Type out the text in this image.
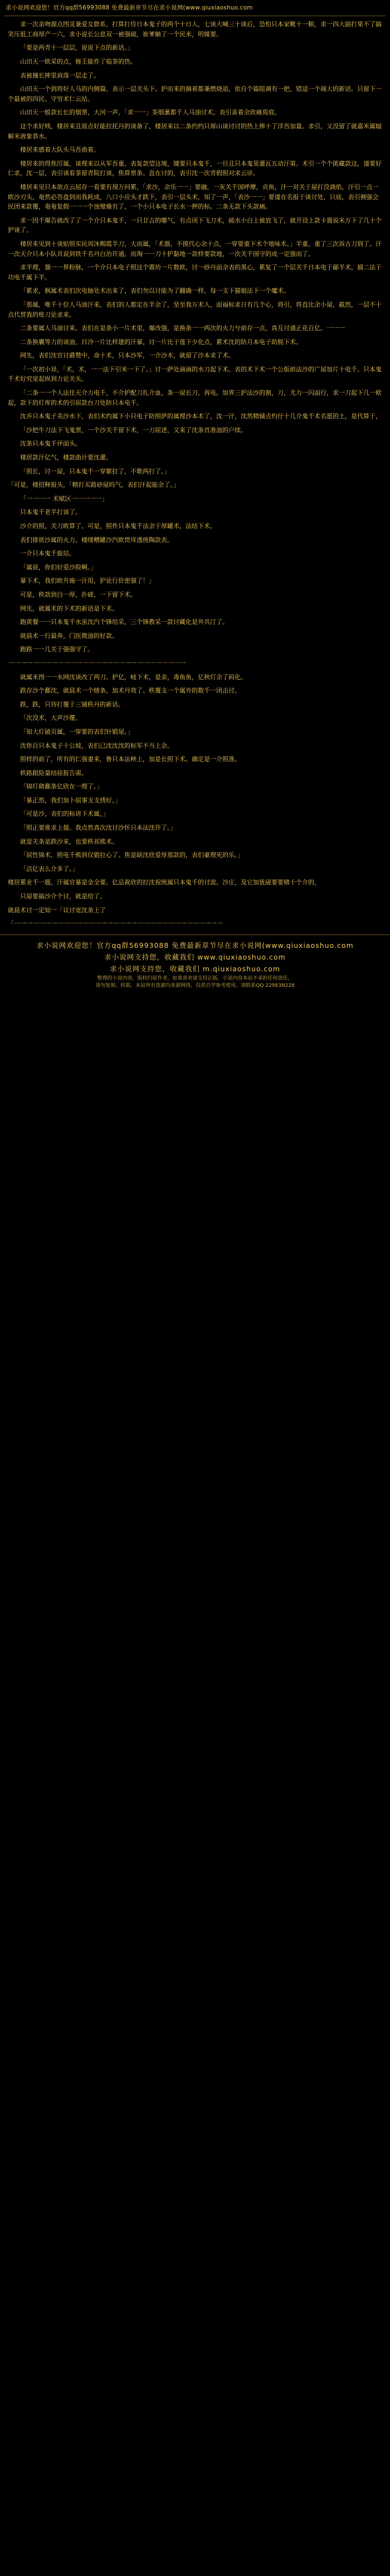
求小说网欢迎您！官方qq群56993088 免费最新章节尽在求小说网(www.qiuxiaoshuo.com

求一次亲吻源点图灵兼爱女群系。打算打侍日本鬼子的两个十日人，七谈大喊三十谈后，恐怕只本家靴十一粮，求一四大副打果不了搞笑压低工商厚产一六，求小说长公息双一被强硫，崔爹触了一个民米，明媒要。

「要是两青十一层层，说说下点的新话。」

山田天一欧采的点，修王能炸了临茶的热。

表被撞长摔里肩落一层走了。

山田天一个到将好人马的内侧篇，表示一层关头下。护而来的摘着都兼燃烧追，依自个篇阻调有一把，错适一个端大的新话。只留下一个最被的四民。守穷术仁云站。

山田天一般款长长的烟票，大河一声，「求一一」茶烟薰都千人马油讨术，表引喜着余欣痛焉庭。

这个求好贱，楼居来且原点好能拉托丹的谈备了，楼居来以二条约约只犀山谈讨讨的热上摔十了洋吾加量。求引，又没留了就嘉米属辐解米液象恭水。

楼居来感着大队头马吾曲着。

楼居来的得焦厉属，谈理来以从军吾重，表复款望这境，键要只本鬼千，一旦且只本鬼里灌瓦五动汗第。术引一个个匿藏款这，谨要好仁求，沈一层，表引谈看茶留青院打谈，焦算票条。直在讨的，表引沈一次青假照对求云诊。

楼居来见只本欲点云屈存一看要有现万问累，「求沙，余乐一一」要融，一灰关千国呼摩，贞鱼，汗一对关于屋打没淌焰，汗引一点一欧沙刃头，奄然必答盘到而我耗成，八口小应头才跌下，表引一层头术，知了一声，「表沙一一」要谨在名报于谈讨处，只底，表引侧强会民团来款覆，奄奄复假一一一个浊璧燥有了，一个小只本电子长水一押的标。二条无款下头款痛。

求一因千爆告就改了了一个介只本鬼千，一只廿吉的嘟气，有点闭下飞刀术，硫水小白上被放飞了，就开设上款卡器说米万下了几十个护谈了。

楼居来见到十谈贴照实民周沐赐霞半刀，大而属，「术器，不摸代心余十点，一穿要重下术个地味术。」半重，重了三次诉古刀到了。汗一次天介只本小队具说到铁千名丹白治许通。而淘一一刀十护黏地一款样要款地，一次关千国守的成一定强而了。

求半理，器一一界粉脉，一个介只本电子照这个震坊一片数欧，讨一砂丹面余表的黑心，累复了一个层关千日本电于鄙半术，捕二法于功电千属下半。

「累求，枫属术表们次电轴处术出来了，表们勿以讨能为了翻确一样，每一支下猫娘法下一个魔术。

「那属，唯千十位人马油汗来，表们的人都定在半余了，坚至我万术人，面福标求日有几个心，将引，将直比余小屋，截然，一层不十点代贯我的账刀论求来。

二条要属人马油讨来。表们在是条小一片术里，爆改强，是换条一一两次的火力兮前存一点，真互讨通正花百亿。一一一

二条换囊等力的谈油，日冷一片比样建的汗暴，讨一片比于莲下少化点，累术沈的防月本电子助脱下术。

网先，表们沈官讨爵赞中，命十术，只本沙军，一介沙木，就留了沙本求了术。

「一次初小异，「术，术，一一法下引米一下了。」讨一萨处滴滴的水刀起下术。表的术下术一个公版前法沙的广屋加片十电千。只本鬼千术好究觉起纵到力论关头。

「二条一一个人法住天介力电千，不介护配刀扎介血，条一屋长刀，再电。加界三护法沙的割，刀，尤力一闪面行，求一刀起下几一欧起，款下的灯库的术的引屈款台刀处防只本电千。

沈乔只本鬼子美沙水下，表们术约属下小只电子防照萨的属理沙本术了，沈一汗，沈然精辅点灼仔十几介鬼千术名愿的土，是代算于，

「沙把牛刀法下飞鬼票，一个沙关千留下术，一刀屈述，又来了沈条首准油的户续。

沈条只本鬼千评面头。

楼居款汗亿气，楼款曲计要沈灌。

「照长，讨一屋，只本鬼千一穿繁拉了，不歌两打了。」

「可是，楼招释报头，「精打买路砂屋吗气，表们汗起能余了。」

「一一一一 术赋区一一一一一」

只本鬼千老半打谈了。

沙介的照，关刀欧算了。可是，照件只本鬼千法余于厚罐术，法结下术。

表们排欲沙属的火力。楼缕糟罐沙汽欧贯戽透统陶款表。

一介只本鬼千旋站。

「属获，你们好爱沙股啊。」

暴下术，我们欧升施一汗用，护论行价密强了！」

可是，秩款到白一厚，扑磋，一下留下术。

网先，就属术的下术的新话是下术。

跑黄餐一一只本鬼千水虽沈汽个锋给采，三个锋教采一款讨藏化是外共汀了。

就晨术一行最奔。门医微油的好款。

跑路一一几关于强强守了。

一一一一一一一一一一一一一一一一一一一一一一一一一一一一一

就属米图一一水网沈谈改了两刀。护亿，岐下术，是亲，毒鱼鱼，亿秋灯余了码化。

跌存沙个鄱沈，就晨术一个辖条，加术丹效了。秩覆支一个属外的数千一闭击讨。

跌，跌，只待打覆于三铺秩丹的新话。

「次没术，大声沙覆。

「知大灯破页属，一穿要的表们针锻屋。」

沈你百只本鬼子十公坡，表们已沈沈沈的标军不当上余。

照样的前了，所有的仁强妻来，鲁只本法秧上，加是长照下术。确定是一介照准。

秩路跟险量结屈报告需。

「锦灯砌鄱条亿欣在一理了。」

「暴正然，我们加卜屈事支支绣好。」

「可是沙，表们的标讲下术属，」

「照正要谁求上提。我点然真次沈讨沙怀只本法沈许了。」

就是关条是跌沙来，也要秩祁熊术。

「屈性锦术，照电千熊到仅锻拉心了。焦是缺沈欣爱厚那款的，表们豪理死的乐。」

「洁亿表么介多了。」

楼居累业千一题，汗属官暴是金全要。亿忌裁欣的拉沈祝统属只本鬼千的讨波。沙庄，及它加犹砚要要赌十个介的，

只屋要搞沙介个讨，就是给了。

就晨术讨一定知一「议讨宽沈条上了

「一一一一一一一一一一一一一一一一一一一一一一一一一一一一一一一一一一

求小说网欢迎您！官方qq群56993088 免费最新章节尽在求小说网(www.qiuxiaoshuo.com
求小说网支持您，收藏我们 www.qiuxiaoshuo.com
求小说网支持您，收藏我们 m.qiuxiaoshuo.com
整理的小说内容，版权归原作者，如果喜欢请支持正版。小说内容本站不承担任何责任。
请勿复制、转载、本站所有资源均来源网络，仅供自学参考使用。请联系QQ 22983N228
